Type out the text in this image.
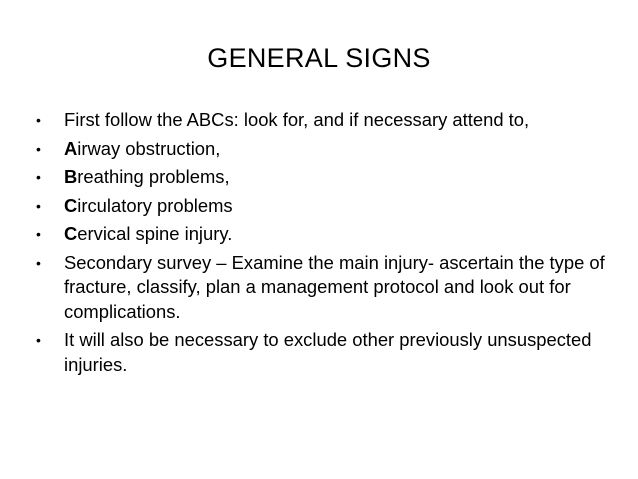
GENERAL SIGNS
•	First follow the ABCs: look for, and if necessary attend to,
•	Airway obstruction,
•	Breathing problems,
•	Circulatory problems
•	Cervical spine injury.
•	Secondary survey – Examine the main injury- ascertain the type of fracture, classify, plan a management protocol and look out for complications.
•	It will also be necessary to exclude other previously unsuspected injuries.
